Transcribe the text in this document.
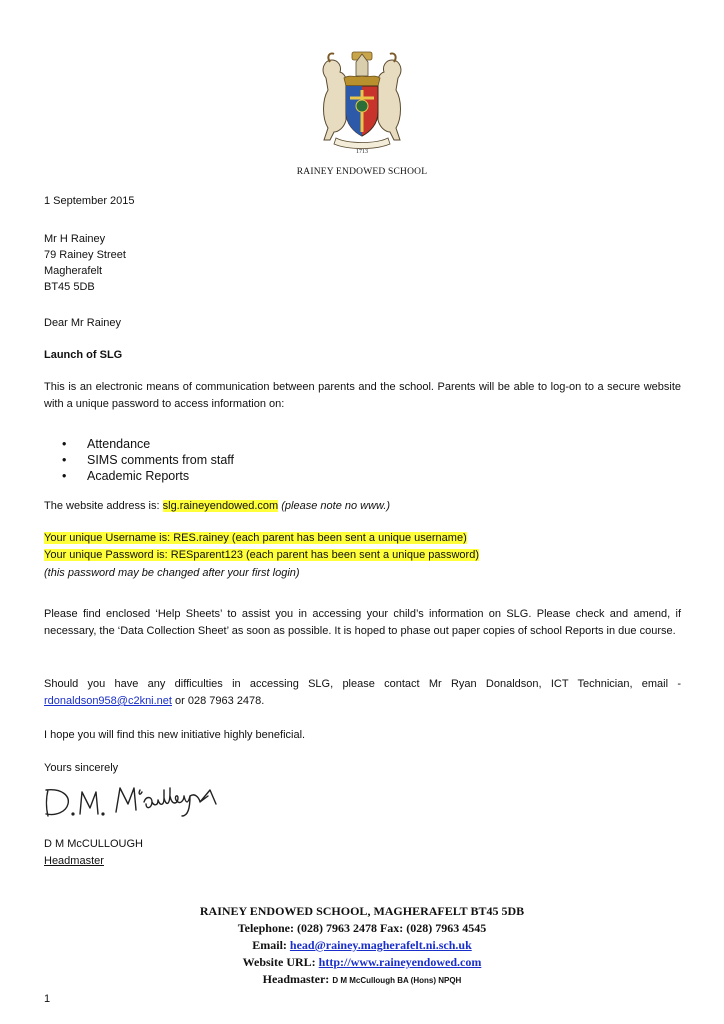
1713
RAINEY ENDOWED SCHOOL
1 September 2015
Mr H Rainey
79 Rainey Street
Magherafelt
BT45 5DB
Dear Mr Rainey
Launch of SLG
This is an electronic means of communication between parents and the school. Parents will be able to log-on to a secure website with a unique password to access information on:
• Attendance
• SIMS comments from staff
• Academic Reports
The website address is: slg.raineyendowed.com (please note no www.)
Your unique Username is: RES.rainey (each parent has been sent a unique username)
Your unique Password is: RESparent123 (each parent has been sent a unique password)
(this password may be changed after your first login)
Please find enclosed ‘Help Sheets’ to assist you in accessing your child’s information on SLG. Please check and amend, if necessary, the ‘Data Collection Sheet’ as soon as possible. It is hoped to phase out paper copies of school Reports in due course.
Should you have any difficulties in accessing SLG, please contact Mr Ryan Donaldson, ICT Technician, email - rdonaldson958@c2kni.net or 028 7963 2478.
I hope you will find this new initiative highly beneficial.
Yours sincerely
D M McCULLOUGH
Headmaster
RAINEY ENDOWED SCHOOL, MAGHERAFELT BT45 5DB
Telephone: (028) 7963 2478 Fax: (028) 7963 4545
Email: head@rainey.magherafelt.ni.sch.uk
Website URL: http://www.raineyendowed.com
Headmaster: D M McCullough BA (Hons) NPQH
1
